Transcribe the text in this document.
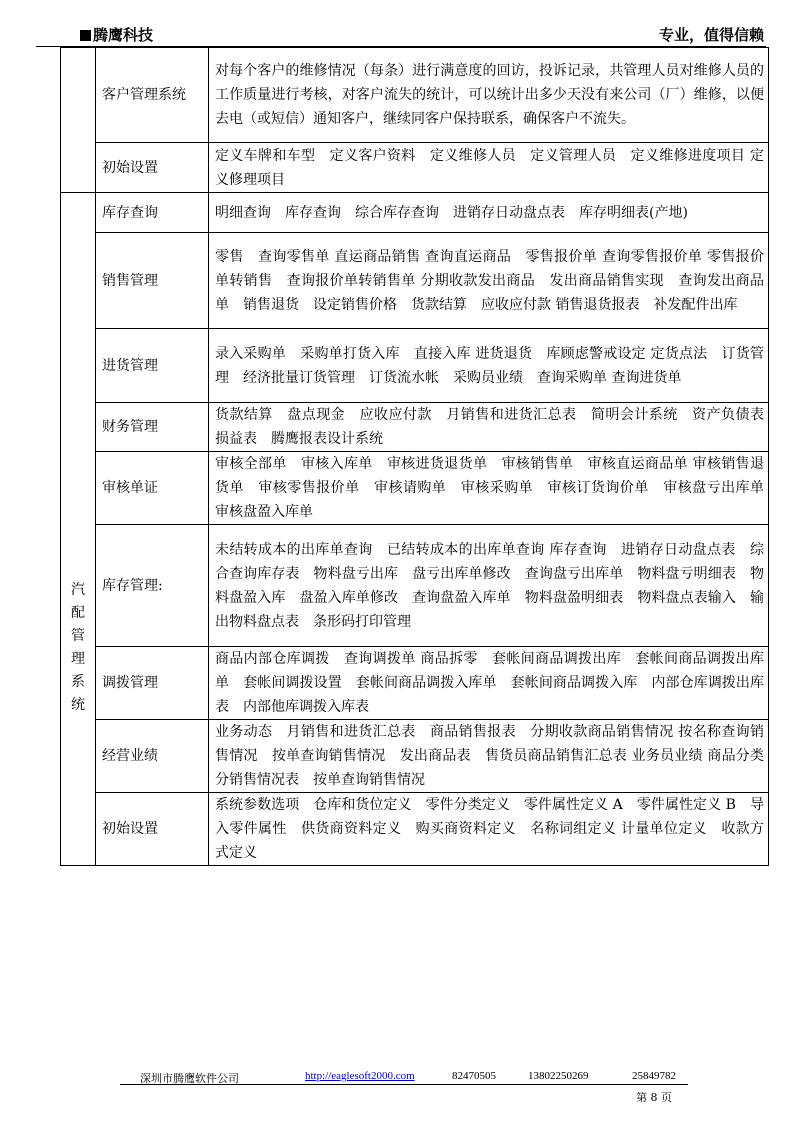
腾鹰科技	专业，值得信赖
	客户管理系统	对每个客户的维修情况（每条）进行满意度的回访，投诉记录，共管理人员对维修人员的工作质量进行考核，对客户流失的统计，可以统计出多少天没有来公司（厂）维修，以便去电（或短信）通知客户，继续同客户保持联系，确保客户不流失。
	初始设置	定义车牌和车型　定义客户资料　定义维修人员　定义管理人员　定义维修进度项目 定义修理项目
汽配管理系统	库存查询	明细查询　库存查询　综合库存查询　进销存日动盘点表　库存明细表(产地)
	销售管理	零售　查询零售单 直运商品销售 查询直运商品　零售报价单 查询零售报价单 零售报价单转销售　查询报价单转销售单 分期收款发出商品　发出商品销售实现　查询发出商品单　销售退货　设定销售价格　货款结算　应收应付款 销售退货报表　补发配件出库
	进货管理	录入采购单　采购单打货入库　直接入库 进货退货　库顾虑警戒设定 定货点法　订货管理　经济批量订货管理　订货流水帐　采购员业绩　查询采购单 查询进货单
	财务管理	货款结算　盘点现金　应收应付款　月销售和进货汇总表　简明会计系统　资产负债表　损益表　腾鹰报表设计系统
	审核单证	审核全部单　审核入库单　审核进货退货单　审核销售单　审核直运商品单 审核销售退货单　审核零售报价单　审核请购单　审核采购单　审核订货询价单　审核盘亏出库单　审核盘盈入库单
	库存管理:	未结转成本的出库单查询　已结转成本的出库单查询 库存查询　进销存日动盘点表　综合查询库存表　物料盘亏出库　盘亏出库单修改　查询盘亏出库单　物料盘亏明细表　物料盘盈入库　盘盈入库单修改　查询盘盈入库单　物料盘盈明细表　物料盘点表输入　输出物料盘点表　条形码打印管理
	调拨管理	商品内部仓库调拨　查询调拨单 商品拆零　套帐间商品调拨出库　套帐间商品调拨出库单　套帐间调拨设置　套帐间商品调拨入库单　套帐间商品调拨入库　内部仓库调拨出库表　内部他库调拨入库表
	经营业绩	业务动态　月销售和进货汇总表　商品销售报表　分期收款商品销售情况 按名称查询销售情况　按单查询销售情况　发出商品表　售货员商品销售汇总表 业务员业绩 商品分类分销售情况表　按单查询销售情况
	初始设置	系统参数选项　仓库和货位定义　零件分类定义　零件属性定义 A　零件属性定义 B　导入零件属性　供货商资料定义　购买商资料定义　名称词组定义 计量单位定义　收款方式定义
深圳市腾鹰软件公司	http://eaglesoft2000.com	82470505	13802250269	25849782
第 8 页
